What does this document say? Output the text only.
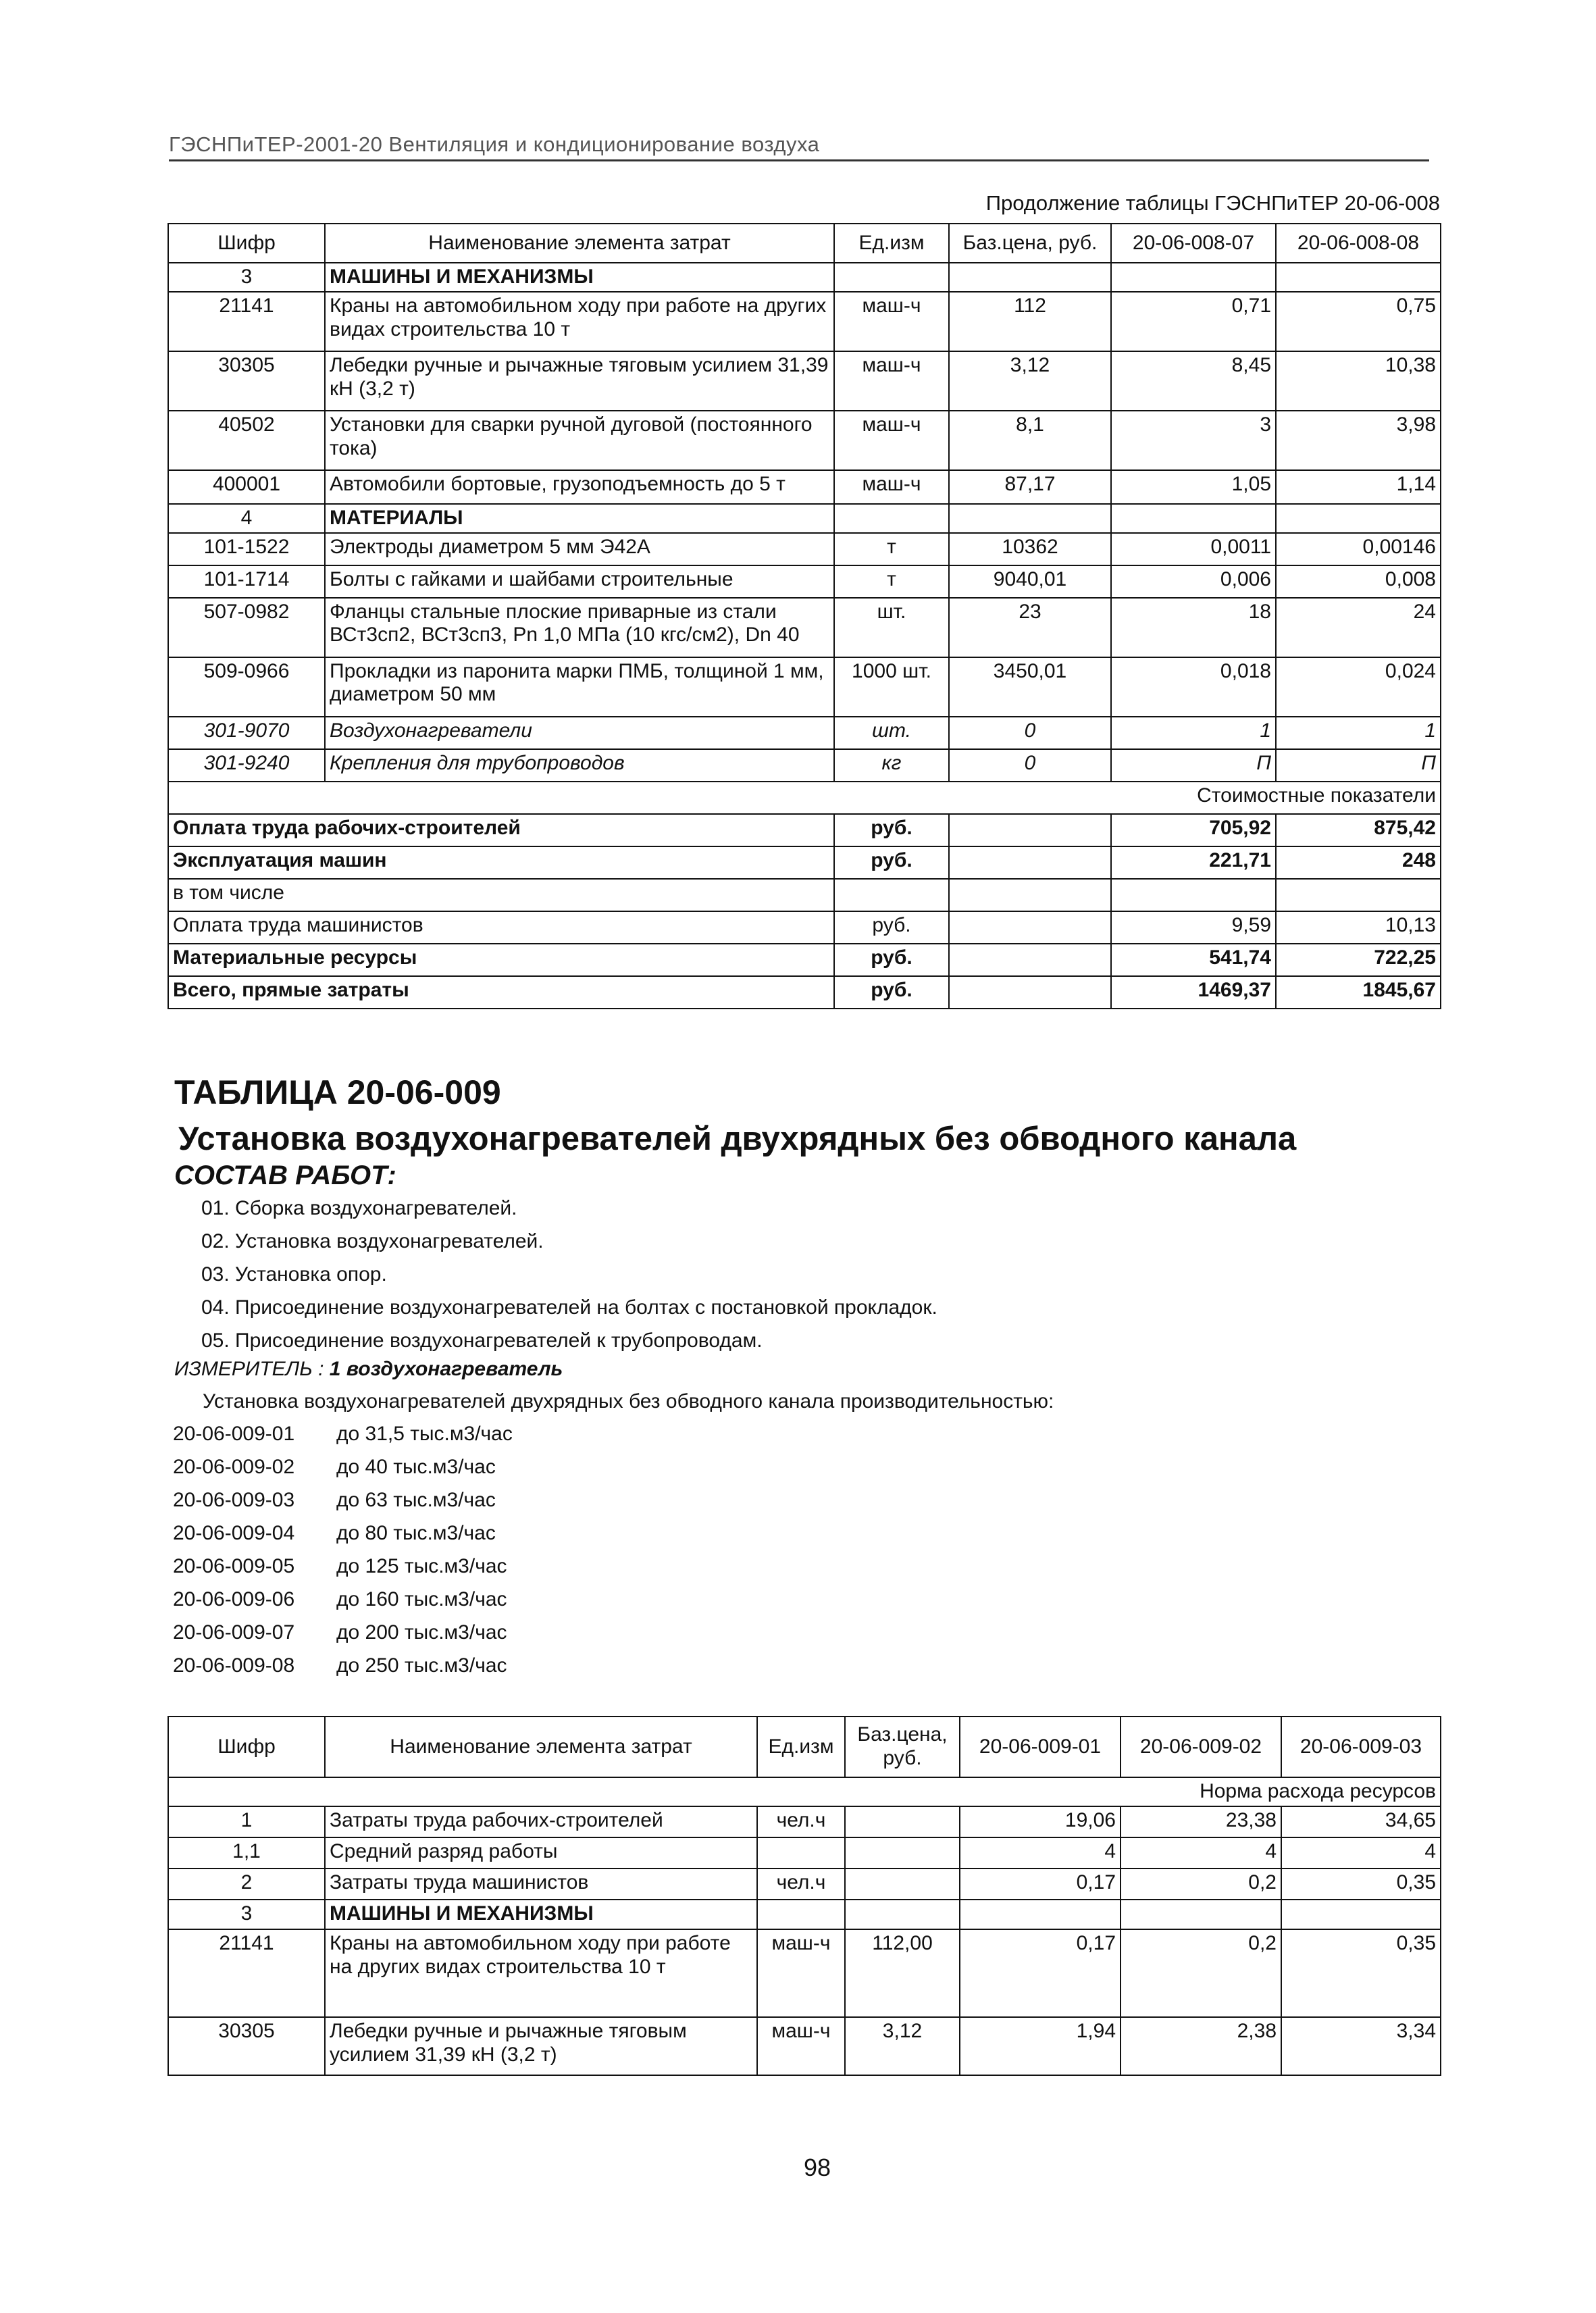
ГЭСНПиТЕР-2001-20 Вентиляция и кондиционирование воздуха
Продолжение таблицы ГЭСНПиТЕР 20-06-008
Шифр	Наименование элемента затрат	Ед.изм	Баз.цена, руб.	20-06-008-07	20-06-008-08
3	МАШИНЫ И МЕХАНИЗМЫ				
21141	Краны на автомобильном ходу при работе на других видах строительства 10 т	маш-ч	112	0,71	0,75
30305	Лебедки ручные и рычажные тяговым усилием 31,39 кН (3,2 т)	маш-ч	3,12	8,45	10,38
40502	Установки для сварки ручной дуговой (постоянного тока)	маш-ч	8,1	3	3,98
400001	Автомобили бортовые, грузоподъемность до 5 т	маш-ч	87,17	1,05	1,14
4	МАТЕРИАЛЫ				
101-1522	Электроды диаметром 5 мм Э42А	т	10362	0,0011	0,00146
101-1714	Болты с гайками и шайбами строительные	т	9040,01	0,006	0,008
507-0982	Фланцы стальные плоские приварные из стали ВСт3сп2, ВСт3сп3, Рn 1,0 МПа (10 кгс/см2), Dn 40	шт.	23	18	24
509-0966	Прокладки из паронита марки ПМБ, толщиной 1 мм, диаметром 50 мм	1000 шт.	3450,01	0,018	0,024
301-9070	Воздухонагреватели	шт.	0	1	1
301-9240	Крепления для трубопроводов	кг	0	П	П
Стоимостные показатели					
Оплата труда рабочих-строителей		руб.		705,92	875,42
Эксплуатация машин		руб.		221,71	248
в том числе					
Оплата труда машинистов		руб.		9,59	10,13
Материальные ресурсы		руб.		541,74	722,25
Всего, прямые затраты		руб.		1469,37	1845,67
ТАБЛИЦА 20-06-009
Установка воздухонагревателей двухрядных без обводного канала
СОСТАВ РАБОТ:
01. Сборка воздухонагревателей.
02. Установка воздухонагревателей.
03. Установка опор.
04. Присоединение воздухонагревателей на болтах с постановкой прокладок.
05. Присоединение воздухонагревателей к трубопроводам.
ИЗМЕРИТЕЛЬ : 1 воздухонагреватель
Установка воздухонагревателей двухрядных без обводного канала производительностью:
20-06-009-01 до 31,5 тыс.м3/час
20-06-009-02 до 40 тыс.м3/час
20-06-009-03 до 63 тыс.м3/час
20-06-009-04 до 80 тыс.м3/час
20-06-009-05 до 125 тыс.м3/час
20-06-009-06 до 160 тыс.м3/час
20-06-009-07 до 200 тыс.м3/час
20-06-009-08 до 250 тыс.м3/час
Шифр	Наименование элемента затрат	Ед.изм	Баз.цена, руб.	20-06-009-01	20-06-009-02	20-06-009-03
Норма расхода ресурсов						
1	Затраты труда рабочих-строителей	чел.ч		19,06	23,38	34,65
1,1	Средний разряд работы			4	4	4
2	Затраты труда машинистов	чел.ч		0,17	0,2	0,35
3	МАШИНЫ И МЕХАНИЗМЫ					
21141	Краны на автомобильном ходу при работе на других видах строительства 10 т	маш-ч	112,00	0,17	0,2	0,35
30305	Лебедки ручные и рычажные тяговым усилием 31,39 кН (3,2 т)	маш-ч	3,12	1,94	2,38	3,34
98
